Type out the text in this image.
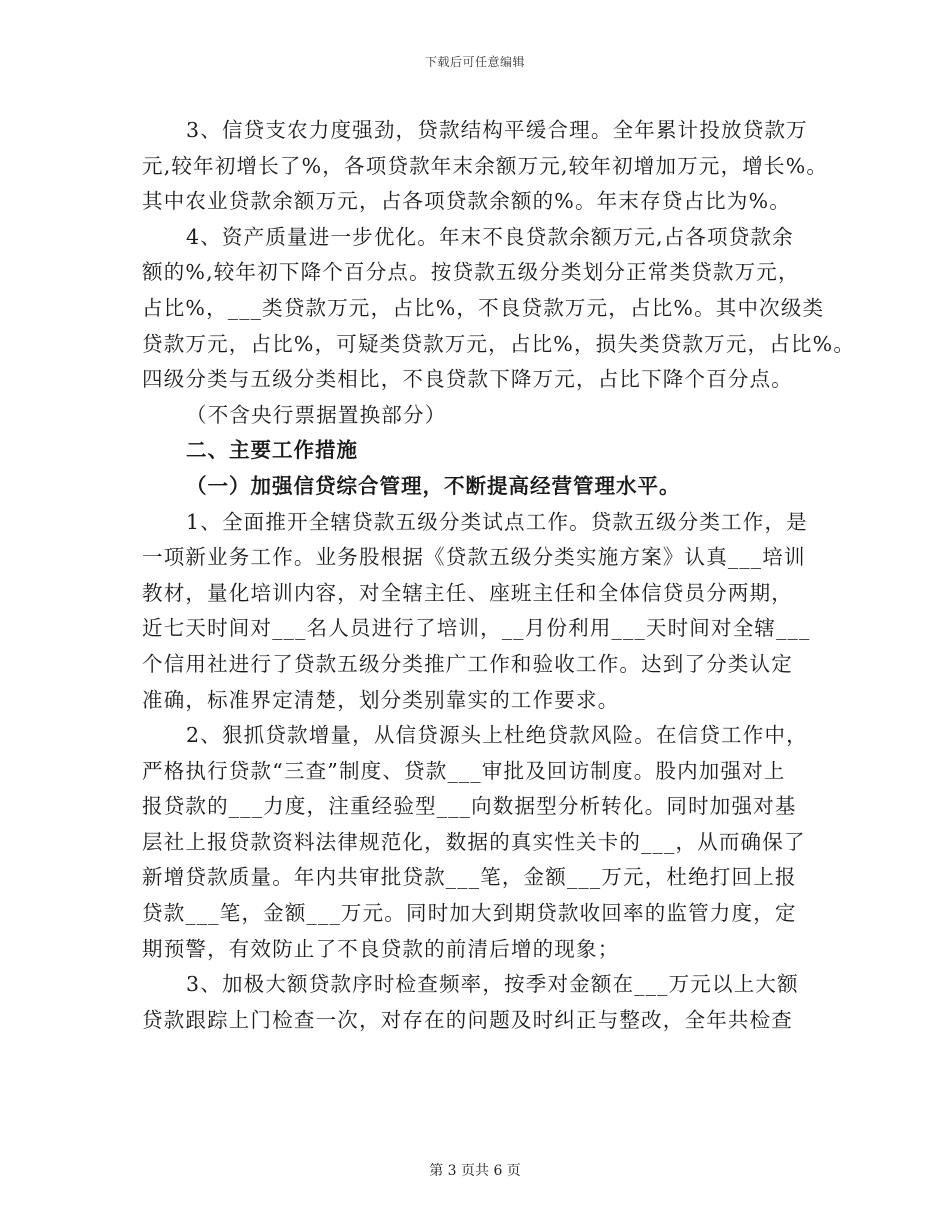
下载后可任意编辑
3、信贷支农力度强劲，贷款结构平缓合理。全年累计投放贷款万
元,较年初增长了%，各项贷款年末余额万元,较年初增加万元，增长%。
其中农业贷款余额万元，占各项贷款余额的%。年末存贷占比为%。
4、资产质量进一步优化。年末不良贷款余额万元,占各项贷款余
额的%,较年初下降个百分点。按贷款五级分类划分正常类贷款万元，
占比%，___类贷款万元，占比%，不良贷款万元，占比%。其中次级类
贷款万元，占比%，可疑类贷款万元，占比%，损失类贷款万元，占比%。
四级分类与五级分类相比，不良贷款下降万元，占比下降个百分点。
（不含央行票据置换部分）
二、主要工作措施
（一）加强信贷综合管理，不断提高经营管理水平。
1、全面推开全辖贷款五级分类试点工作。贷款五级分类工作，是
一项新业务工作。业务股根据《贷款五级分类实施方案》认真___培训
教材，量化培训内容，对全辖主任、座班主任和全体信贷员分两期，
近七天时间对___名人员进行了培训，__月份利用___天时间对全辖___
个信用社进行了贷款五级分类推广工作和验收工作。达到了分类认定
准确，标准界定清楚，划分类别靠实的工作要求。
2、狠抓贷款增量，从信贷源头上杜绝贷款风险。在信贷工作中，
严格执行贷款“三查”制度、贷款___审批及回访制度。股内加强对上
报贷款的___力度，注重经验型___向数据型分析转化。同时加强对基
层社上报贷款资料法律规范化，数据的真实性关卡的___，从而确保了
新增贷款质量。年内共审批贷款___笔，金额___万元，杜绝打回上报
贷款___笔，金额___万元。同时加大到期贷款收回率的监管力度，定
期预警，有效防止了不良贷款的前清后增的现象；
3、加极大额贷款序时检查频率，按季对金额在___万元以上大额
贷款跟踪上门检查一次，对存在的问题及时纠正与整改，全年共检查
第 3 页共 6 页
